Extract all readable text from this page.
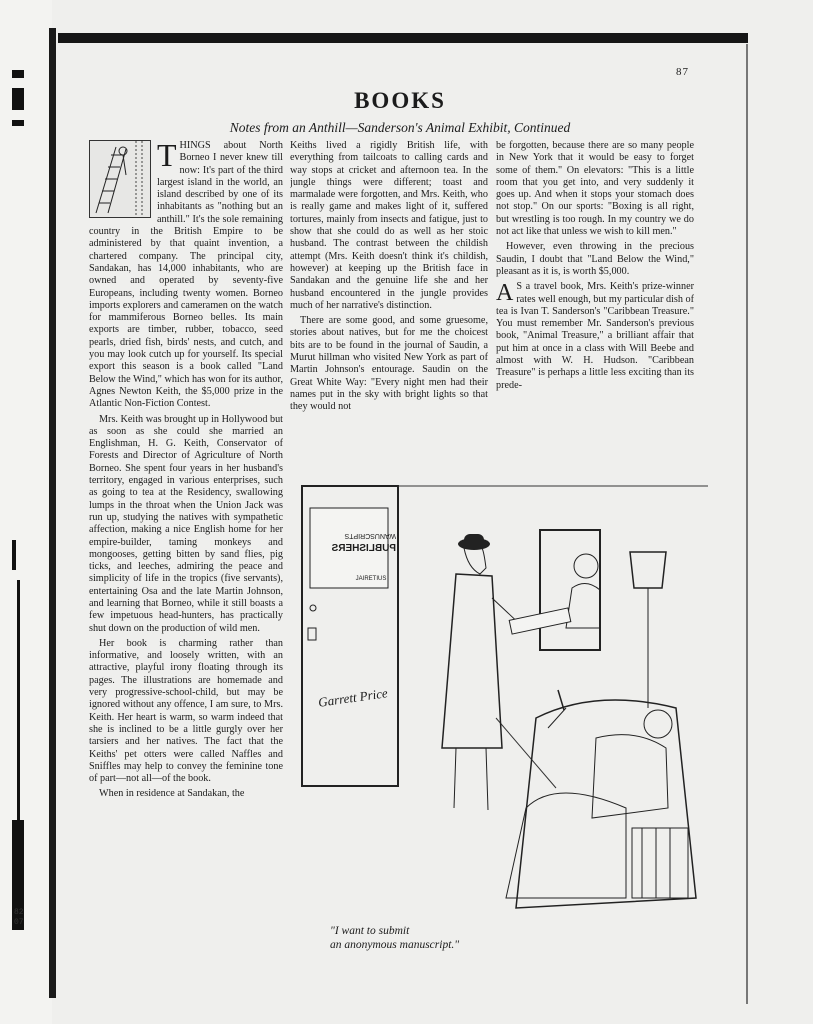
82
07
87
BOOKS
Notes from an Anthill—Sanderson's Animal Exhibit, Continued

THINGS about North Borneo I never knew till now: It's part of the third largest island in the world, an island described by one of its inhabitants as "nothing but an anthill." It's the sole remaining country in the British Empire to be administered by that quaint invention, a chartered company. The principal city, Sandakan, has 14,000 inhabitants, who are owned and operated by seventy-five Europeans, including twenty women. Borneo imports explorers and cameramen on the watch for mammiferous Borneo belles. Its main exports are timber, rubber, tobacco, seed pearls, dried fish, birds' nests, and cutch, and you may look cutch up for yourself. Its special export this season is a book called "Land Below the Wind," which has won for its author, Agnes Newton Keith, the $5,000 prize in the Atlantic Non-Fiction Contest.

Mrs. Keith was brought up in Hollywood but as soon as she could she married an Englishman, H. G. Keith, Conservator of Forests and Director of Agriculture of North Borneo. She spent four years in her husband's territory, engaged in various enterprises, such as going to tea at the Residency, swallowing lumps in the throat when the Union Jack was run up, studying the natives with sympathetic affection, making a nice English home for her empire-builder, taming monkeys and mongooses, getting bitten by sand flies, pig ticks, and leeches, admiring the peace and simplicity of life in the tropics (five servants), entertaining Osa and the late Martin Johnson, and learning that Borneo, while it still boasts a few impetuous head-hunters, has practically shut down on the production of wild men.

Her book is charming rather than informative, and loosely written, with an attractive, playful irony floating through its pages. The illustrations are homemade and very progressive-school-child, but may be ignored without any offence, I am sure, to Mrs. Keith. Her heart is warm, so warm indeed that she is inclined to be a little gurgly over her tarsiers and her natives. The fact that the Keiths' pet otters were called Naffles and Sniffles may help to convey the feminine tone of part—not all—of the book.

When in residence at Sandakan, the

Keiths lived a rigidly British life, with everything from tailcoats to calling cards and way stops at cricket and afternoon tea. In the jungle things were different; toast and marmalade were forgotten, and Mrs. Keith, who is really game and makes light of it, suffered tortures, mainly from insects and fatigue, just to show that she could do as well as her stoic husband. The contrast between the childish attempt (Mrs. Keith doesn't think it's childish, however) at keeping up the British face in Sandakan and the genuine life she and her husband encountered in the jungle provides much of her narrative's distinction.

There are some good, and some gruesome, stories about natives, but for me the choicest bits are to be found in the journal of Saudin, a Murut hillman who visited New York as part of Martin Johnson's entourage. Saudin on the Great White Way: "Every night men had their names put in the sky with bright lights so that they would not

be forgotten, because there are so many people in New York that it would be easy to forget some of them." On elevators: "This is a little room that you get into, and very suddenly it goes up. And when it stops your stomach does not stop." On our sports: "Boxing is all right, but wrestling is too rough. In my country we do not act like that unless we wish to kill men."

However, even throwing in the precious Saudin, I doubt that "Land Below the Wind," pleasant as it is, is worth $5,000.

A S a travel book, Mrs. Keith's prize-winner rates well enough, but my particular dish of tea is Ivan T. Sanderson's "Caribbean Treasure." You must remember Mr. Sanderson's previous book, "Animal Treasure," a brilliant affair that put him at once in a class with Will Beebe and almost with W. H. Hudson. "Caribbean Treasure" is perhaps a little less exciting than its prede-

WANUSCRIPTS
PUBLISHERS
JAIRETIUS
Garrett Price
"I want to submit
an anonymous manuscript."
